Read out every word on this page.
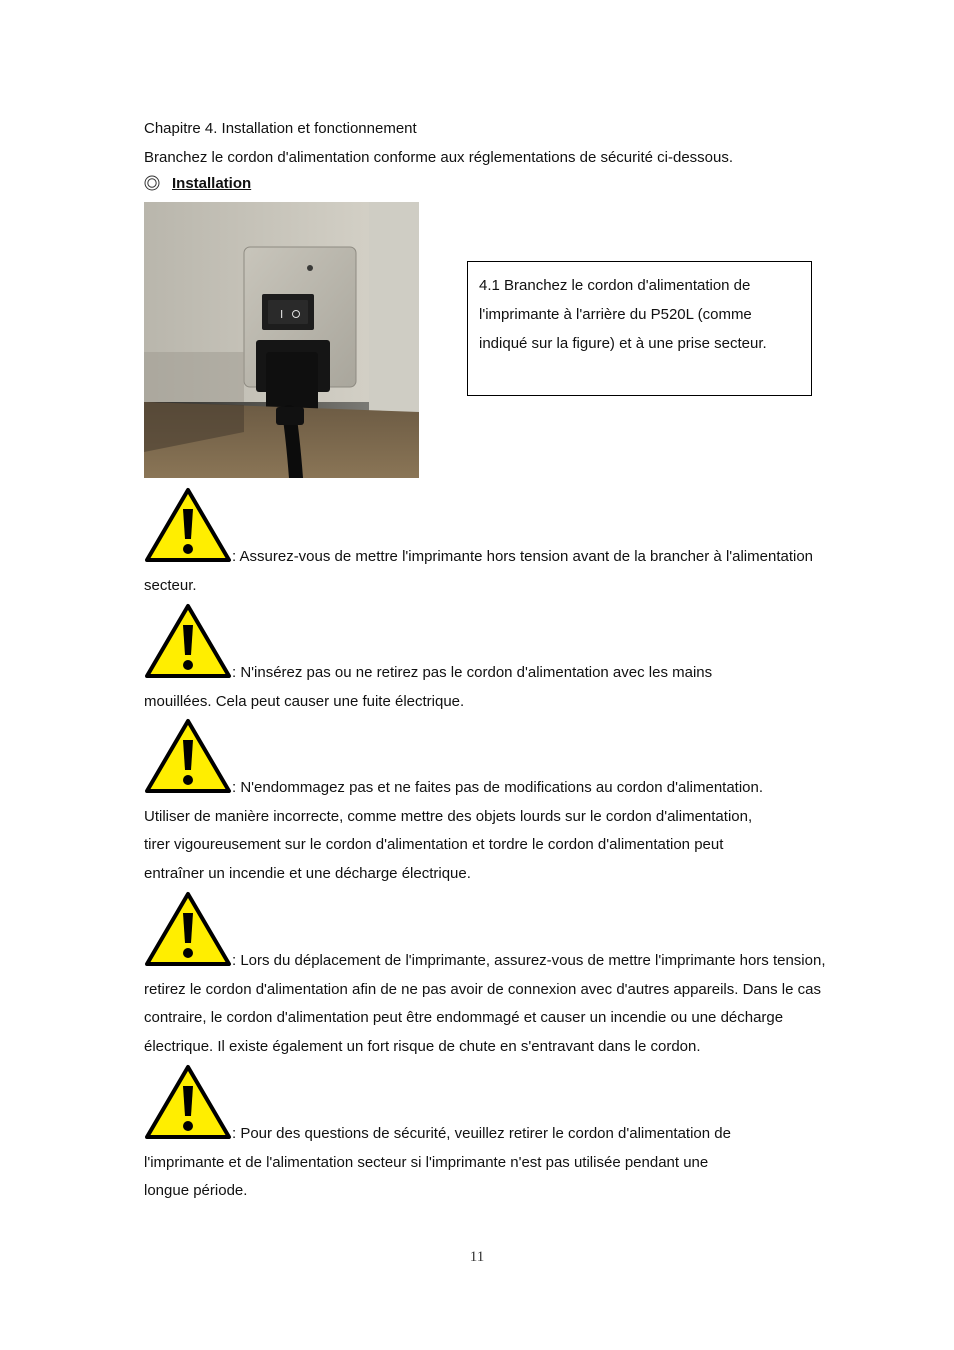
Chapitre 4. Installation et fonctionnement
Branchez le cordon d'alimentation conforme aux réglementations de sécurité ci-dessous.
Installation
I
4.1 Branchez le cordon d'alimentation de
l'imprimante à l'arrière du P520L (comme
indiqué sur la figure) et à une prise secteur.
: Assurez-vous de mettre l'imprimante hors tension avant de la brancher à l'alimentation
secteur.
: N'insérez pas ou ne retirez pas le cordon d'alimentation avec les mains
mouillées. Cela peut causer une fuite électrique.
: N'endommagez pas et ne faites pas de modifications au cordon d'alimentation.
Utiliser de manière incorrecte, comme mettre des objets lourds sur le cordon d'alimentation,
tirer vigoureusement sur le cordon d'alimentation et tordre le cordon d'alimentation peut
entraîner un incendie et une décharge électrique.
: Lors du déplacement de l'imprimante, assurez-vous de mettre l'imprimante hors tension,
retirez le cordon d'alimentation afin de ne pas avoir de connexion avec d'autres appareils. Dans le cas
contraire, le cordon d'alimentation peut être endommagé et causer un incendie ou une décharge
électrique. Il existe également un fort risque de chute en s'entravant dans le cordon.
: Pour des questions de sécurité, veuillez retirer le cordon d'alimentation de
l'imprimante et de l'alimentation secteur si l'imprimante n'est pas utilisée pendant une
longue période.
11
